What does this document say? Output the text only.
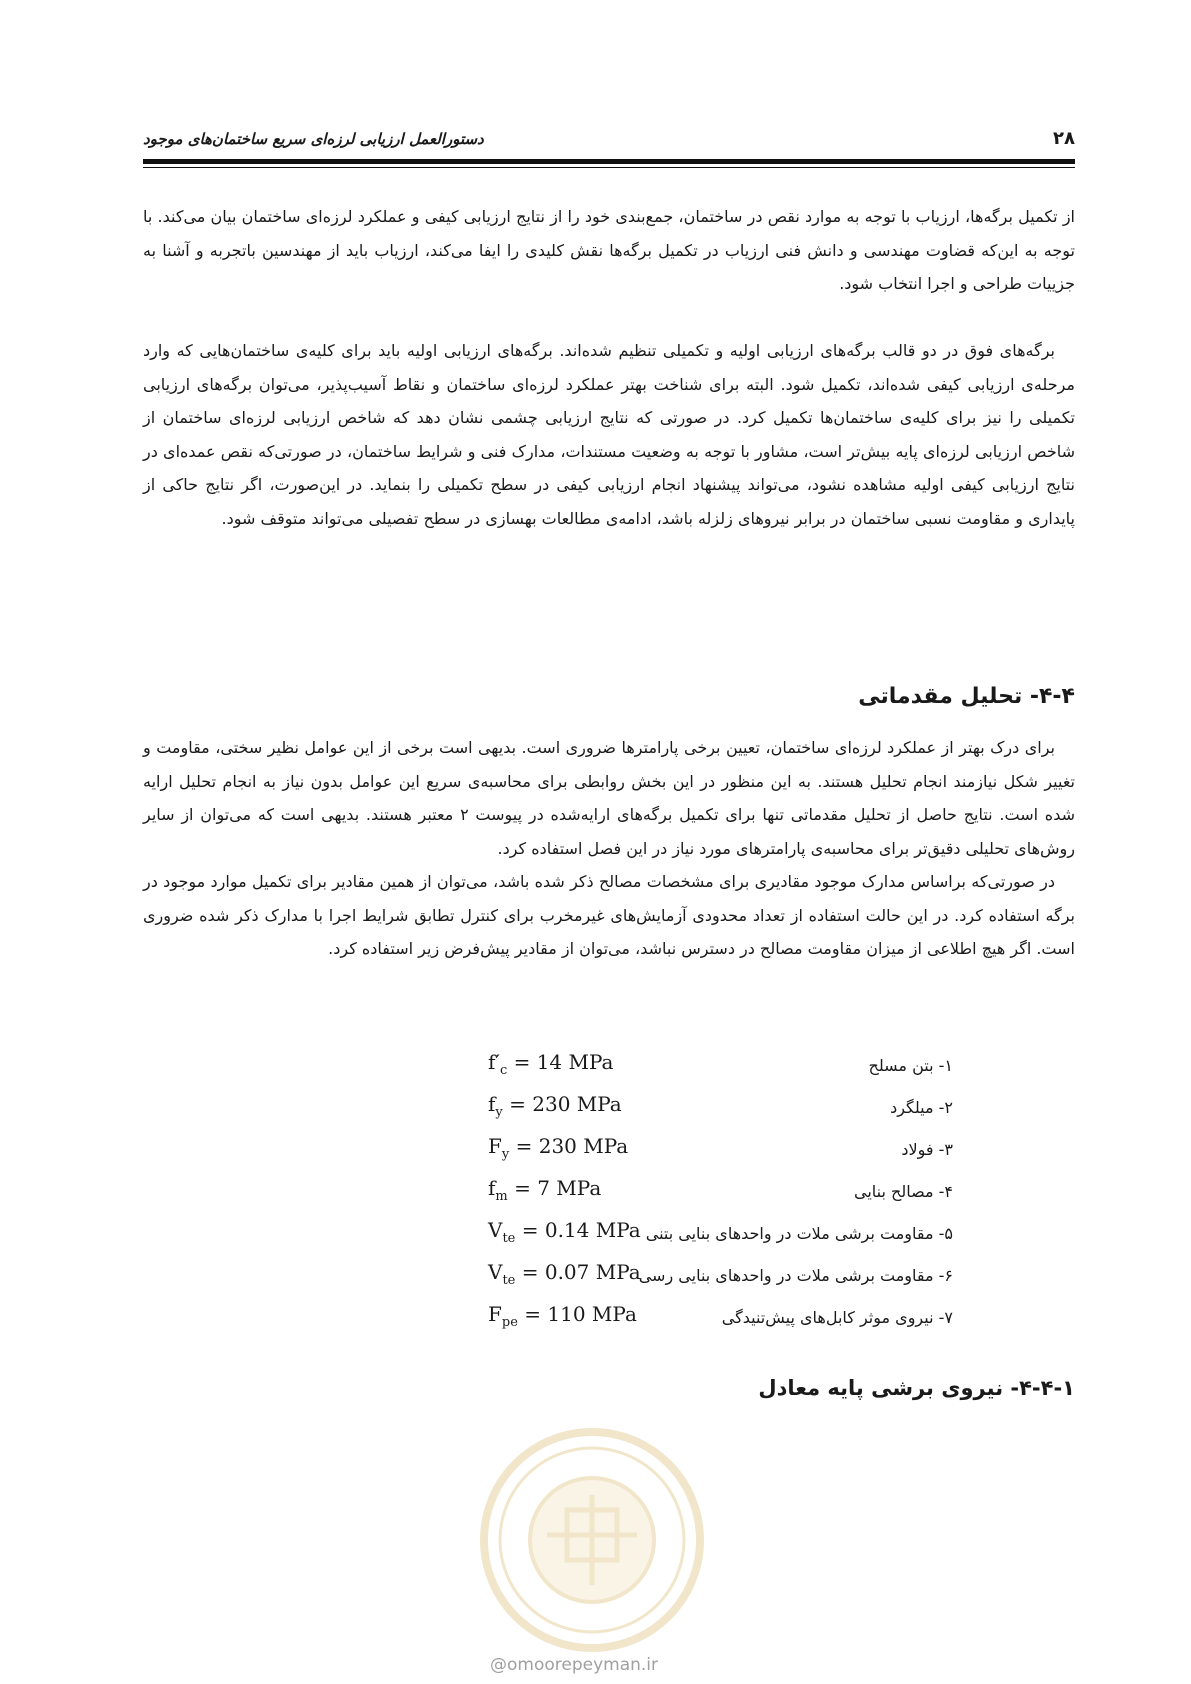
دستورالعمل ارزیابی لرزه‌ای سریع ساختمان‌های موجود	۲۸
از تکمیل برگه‌ها، ارزیاب با توجه به موارد نقص در ساختمان، جمع‌بندی خود را از نتایج ارزیابی کیفی و عملکرد لرزه‌ای ساختمان بیان می‌کند. با توجه به این‌که قضاوت مهندسی و دانش فنی ارزیاب در تکمیل برگه‌ها نقش کلیدی را ایفا می‌کند، ارزیاب باید از مهندسین باتجربه و آشنا به جزییات طراحی و اجرا انتخاب شود.
برگه‌های فوق در دو قالب برگه‌های ارزیابی اولیه و تکمیلی تنظیم شده‌اند. برگه‌های ارزیابی اولیه باید برای کلیه‌ی ساختمان‌هایی که وارد مرحله‌ی ارزیابی کیفی شده‌اند، تکمیل شود. البته برای شناخت بهتر عملکرد لرزه‌ای ساختمان و نقاط آسیب‌پذیر، می‌توان برگه‌های ارزیابی تکمیلی را نیز برای کلیه‌ی ساختمان‌ها تکمیل کرد. در صورتی که نتایج ارزیابی چشمی نشان دهد که شاخص ارزیابی لرزه‌ای ساختمان از شاخص ارزیابی لرزه‌ای پایه بیش‌تر است، مشاور با توجه به وضعیت مستندات، مدارک فنی و شرایط ساختمان، در صورتی‌که نقص عمده‌ای در نتایج ارزیابی کیفی اولیه مشاهده نشود، می‌تواند پیشنهاد انجام ارزیابی کیفی در سطح تکمیلی را بنماید. در این‌صورت، اگر نتایج حاکی از پایداری و مقاومت نسبی ساختمان در برابر نیروهای زلزله باشد، ادامه‌ی مطالعات بهسازی در سطح تفصیلی می‌تواند متوقف شود.
۴-۴- تحلیل مقدماتی
برای درک بهتر از عملکرد لرزه‌ای ساختمان، تعیین برخی پارامترها ضروری است. بدیهی است برخی از این عوامل نظیر سختی، مقاومت و تغییر شکل نیازمند انجام تحلیل هستند. به این منظور در این بخش روابطی برای محاسبه‌ی سریع این عوامل بدون نیاز به انجام تحلیل ارایه شده است. نتایج حاصل از تحلیل مقدماتی تنها برای تکمیل برگه‌های ارایه‌شده در پیوست ۲ معتبر هستند. بدیهی است که می‌توان از سایر روش‌های تحلیلی دقیق‌تر برای محاسبه‌ی پارامترهای مورد نیاز در این فصل استفاده کرد.
در صورتی‌که براساس مدارک موجود مقادیری برای مشخصات مصالح ذکر شده باشد، می‌توان از همین مقادیر برای تکمیل موارد موجود در برگه استفاده کرد. در این حالت استفاده از تعداد محدودی آزمایش‌های غیرمخرب برای کنترل تطابق شرایط اجرا با مدارک ذکر شده ضروری است. اگر هیچ اطلاعی از میزان مقاومت مصالح در دسترس نباشد، می‌توان از مقادیر پیش‌فرض زیر استفاده کرد.
۱- بتن مسلح
$f'_c = 14$ MPa
۲- میلگرد
$f_y = 230$ MPa
۳- فولاد
$F_y = 230$ MPa
۴- مصالح بنایی
$f_m = 7$ MPa
۵- مقاومت برشی ملات در واحدهای بنایی بتنی
$V_{te} = 0.14$ MPa
۶- مقاومت برشی ملات در واحدهای بنایی رسی
$V_{te} = 0.07$ MPa
۷- نیروی موثر کابل‌های پیش‌تنیدگی
$F_{pe} = 110$ MPa
۴-۴-۱- نیروی برشی پایه معادل
@omoorepeyman.ir
